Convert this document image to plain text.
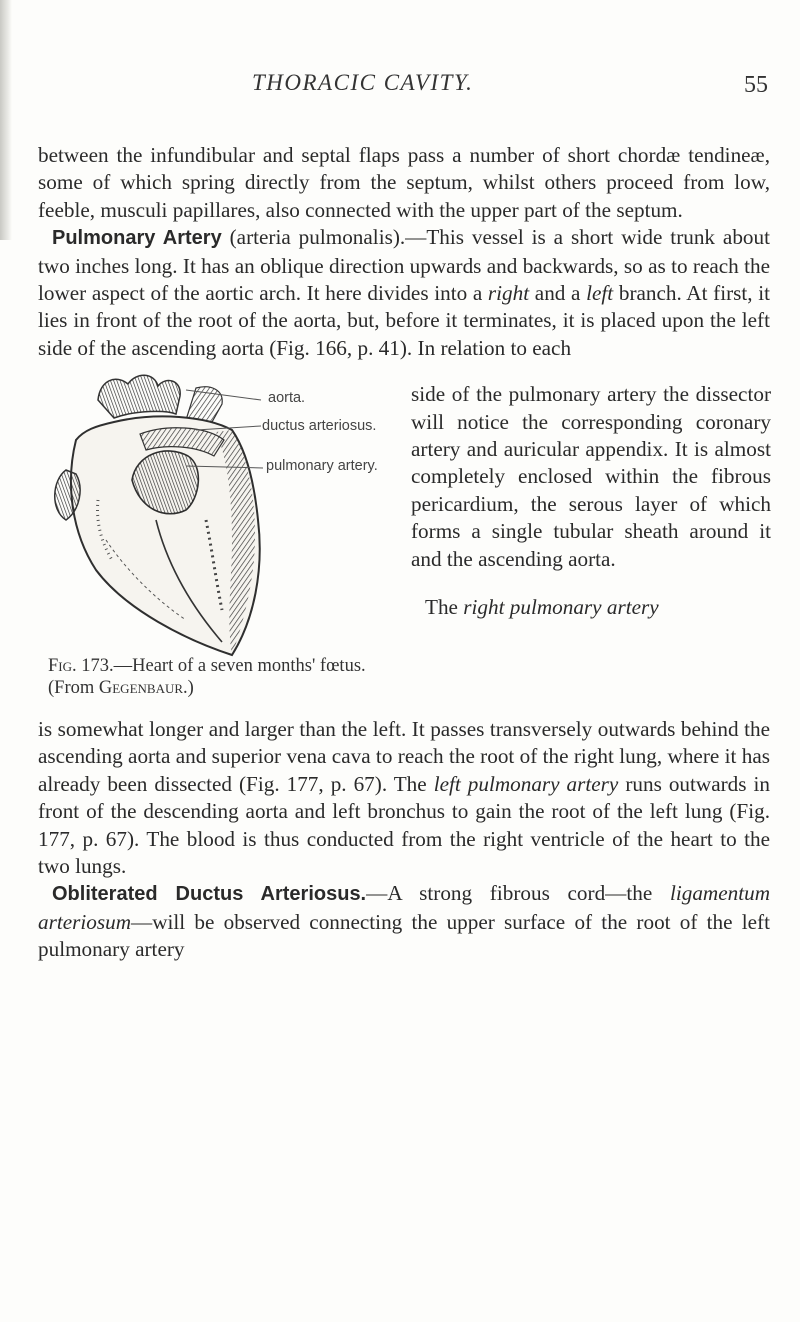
THORACIC CAVITY.	55

between the infundibular and septal flaps pass a number of short chordæ tendineæ, some of which spring directly from the septum, whilst others proceed from low, feeble, musculi papillares, also connected with the upper part of the septum.

Pulmonary Artery (arteria pulmonalis).—This vessel is a short wide trunk about two inches long. It has an oblique direction upwards and backwards, so as to reach the lower aspect of the aortic arch. It here divides into a right and a left branch. At first, it lies in front of the root of the aorta, but, before it terminates, it is placed upon the left side of the ascending aorta (Fig. 166, p. 41). In relation to each

side of the pulmonary artery the dissector will notice the corresponding coronary artery and auricular appendix. It is almost completely enclosed within the fibrous pericardium, the serous layer of which forms a single tubular sheath around it and the ascending aorta.

The right pulmonary artery

aorta.
ductus arteriosus.
pulmonary artery.
Fig. 173.—Heart of a seven months' fœtus. (From Gegenbaur.)

is somewhat longer and larger than the left. It passes transversely outwards behind the ascending aorta and superior vena cava to reach the root of the right lung, where it has already been dissected (Fig. 177, p. 67). The left pulmonary artery runs outwards in front of the descending aorta and left bronchus to gain the root of the left lung (Fig. 177, p. 67). The blood is thus conducted from the right ventricle of the heart to the two lungs.

Obliterated Ductus Arteriosus.—A strong fibrous cord—the ligamentum arteriosum—will be observed connecting the upper surface of the root of the left pulmonary artery
